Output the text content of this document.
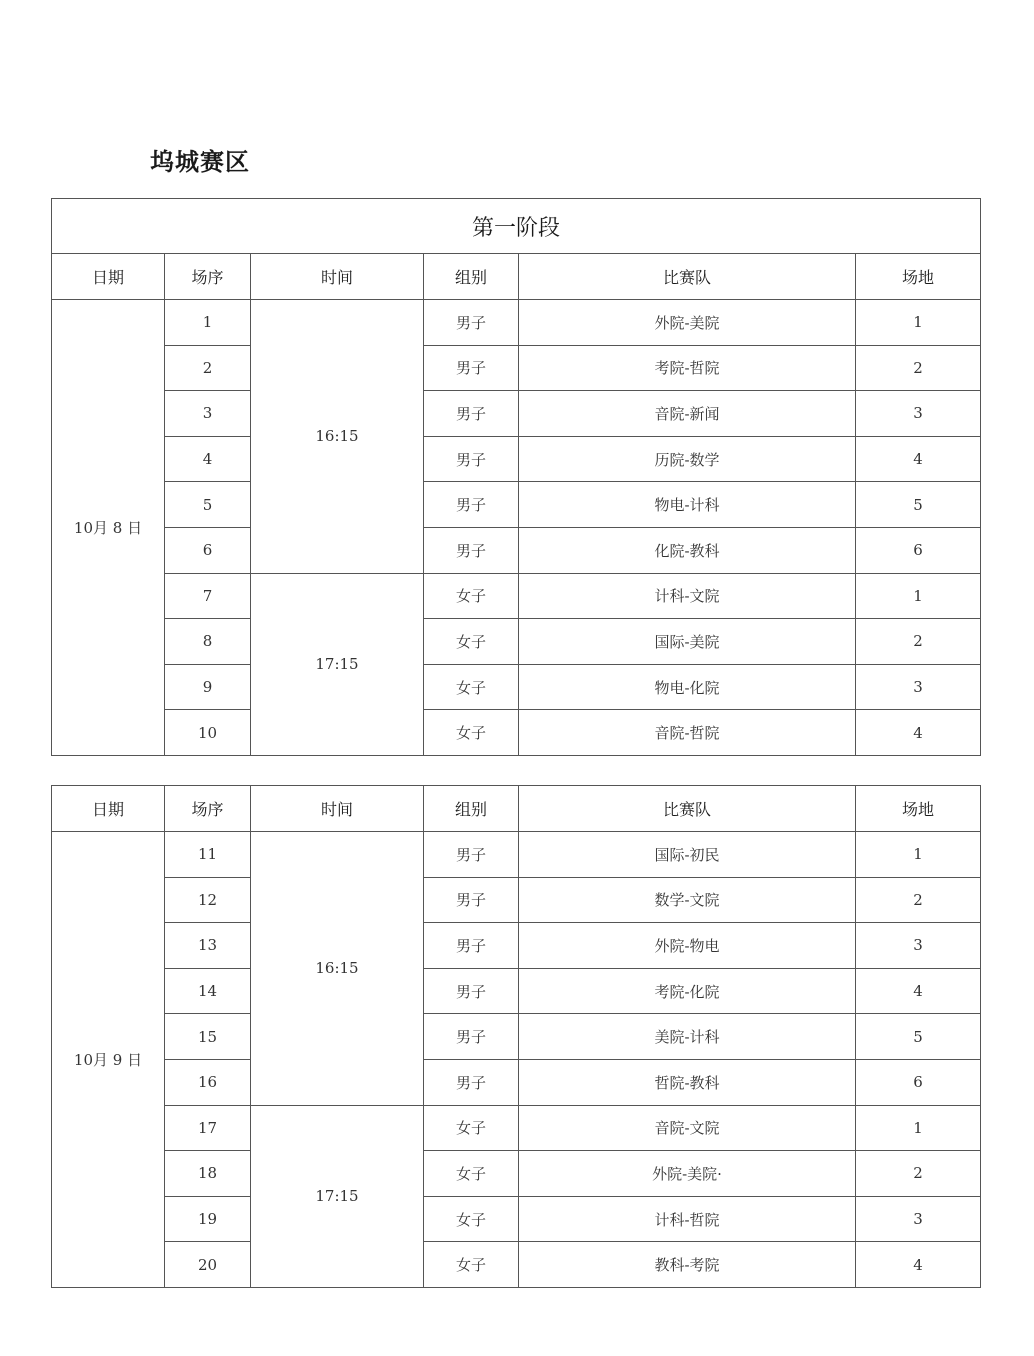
坞城赛区
第一阶段					
日期	场序	时间	组别	比赛队	场地
10月 8 日	1	16:15	男子	外院-美院	1
	2		男子	考院-哲院	2
	3		男子	音院-新闻	3
	4		男子	历院-数学	4
	5		男子	物电-计科	5
	6		男子	化院-教科	6
	7	17:15	女子	计科-文院	1
	8		女子	国际-美院	2
	9		女子	物电-化院	3
	10		女子	音院-哲院	4
日期	场序	时间	组别	比赛队	场地
10月 9 日	11	16:15	男子	国际-初民	1
	12		男子	数学-文院	2
	13		男子	外院-物电	3
	14		男子	考院-化院	4
	15		男子	美院-计科	5
	16		男子	哲院-教科	6
	17	17:15	女子	音院-文院	1
	18		女子	外院-美院·	2
	19		女子	计科-哲院	3
	20		女子	教科-考院	4
